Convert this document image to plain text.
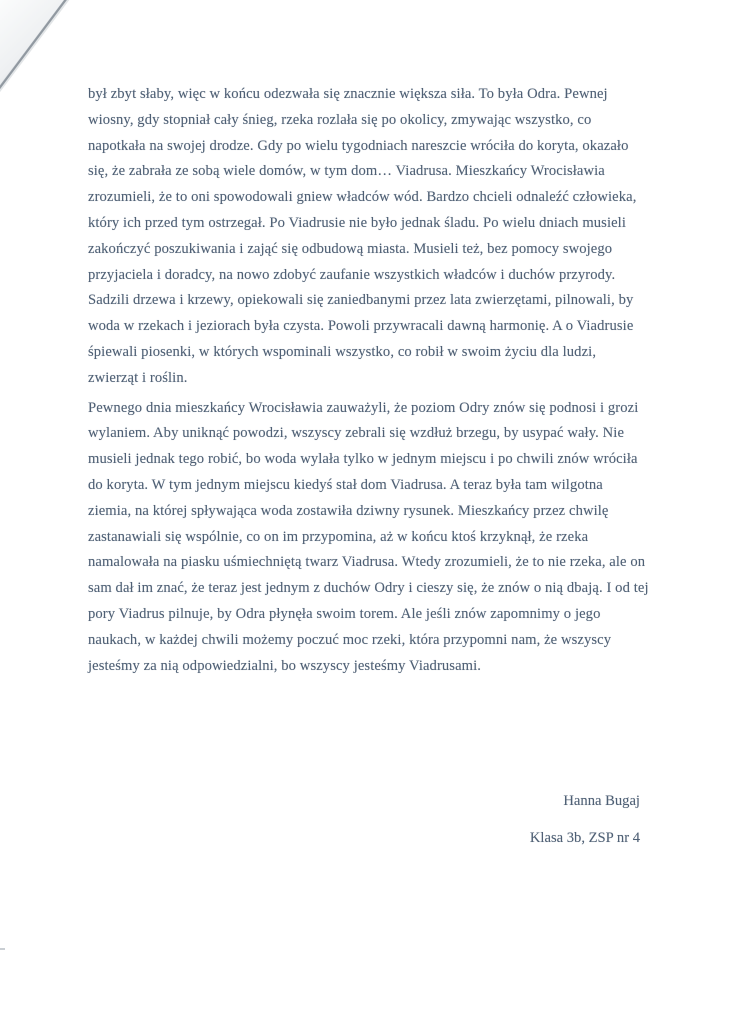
był zbyt słaby, więc w końcu odezwała się znacznie większa siła. To była Odra. Pewnej
wiosny, gdy stopniał cały śnieg, rzeka rozlała się po okolicy, zmywając wszystko, co
napotkała na swojej drodze. Gdy po wielu tygodniach nareszcie wróciła do koryta, okazało
się, że zabrała ze sobą wiele domów, w tym dom… Viadrusa. Mieszkańcy Wrocisławia
zrozumieli, że to oni spowodowali gniew władców wód. Bardzo chcieli odnaleźć człowieka,
który ich przed tym ostrzegał. Po Viadrusie nie było jednak śladu. Po wielu dniach musieli
zakończyć poszukiwania i zająć się odbudową miasta. Musieli też, bez pomocy swojego
przyjaciela i doradcy, na nowo zdobyć zaufanie wszystkich władców i duchów przyrody.
Sadzili drzewa i krzewy, opiekowali się zaniedbanymi przez lata zwierzętami, pilnowali, by
woda w rzekach i jeziorach była czysta. Powoli przywracali dawną harmonię. A o Viadrusie
śpiewali piosenki, w których wspominali wszystko, co robił w swoim życiu dla ludzi,
zwierząt i roślin.
Pewnego dnia mieszkańcy Wrocisławia zauważyli, że poziom Odry znów się podnosi i grozi
wylaniem. Aby uniknąć powodzi, wszyscy zebrali się wzdłuż brzegu, by usypać wały. Nie
musieli jednak tego robić, bo woda wylała tylko w jednym miejscu i po chwili znów wróciła
do koryta. W tym jednym miejscu kiedyś stał dom Viadrusa. A teraz była tam wilgotna
ziemia, na której spływająca woda zostawiła dziwny rysunek. Mieszkańcy przez chwilę
zastanawiali się wspólnie, co on im przypomina, aż w końcu ktoś krzyknął, że rzeka
namalowała na piasku uśmiechniętą twarz Viadrusa. Wtedy zrozumieli, że to nie rzeka, ale on
sam dał im znać, że teraz jest jednym z duchów Odry i cieszy się, że znów o nią dbają. I od tej
pory Viadrus pilnuje, by Odra płynęła swoim torem. Ale jeśli znów zapomnimy o jego
naukach, w każdej chwili możemy poczuć moc rzeki, która przypomni nam, że wszyscy
jesteśmy za nią odpowiedzialni, bo wszyscy jesteśmy Viadrusami.
Hanna Bugaj
Klasa 3b, ZSP nr 4
